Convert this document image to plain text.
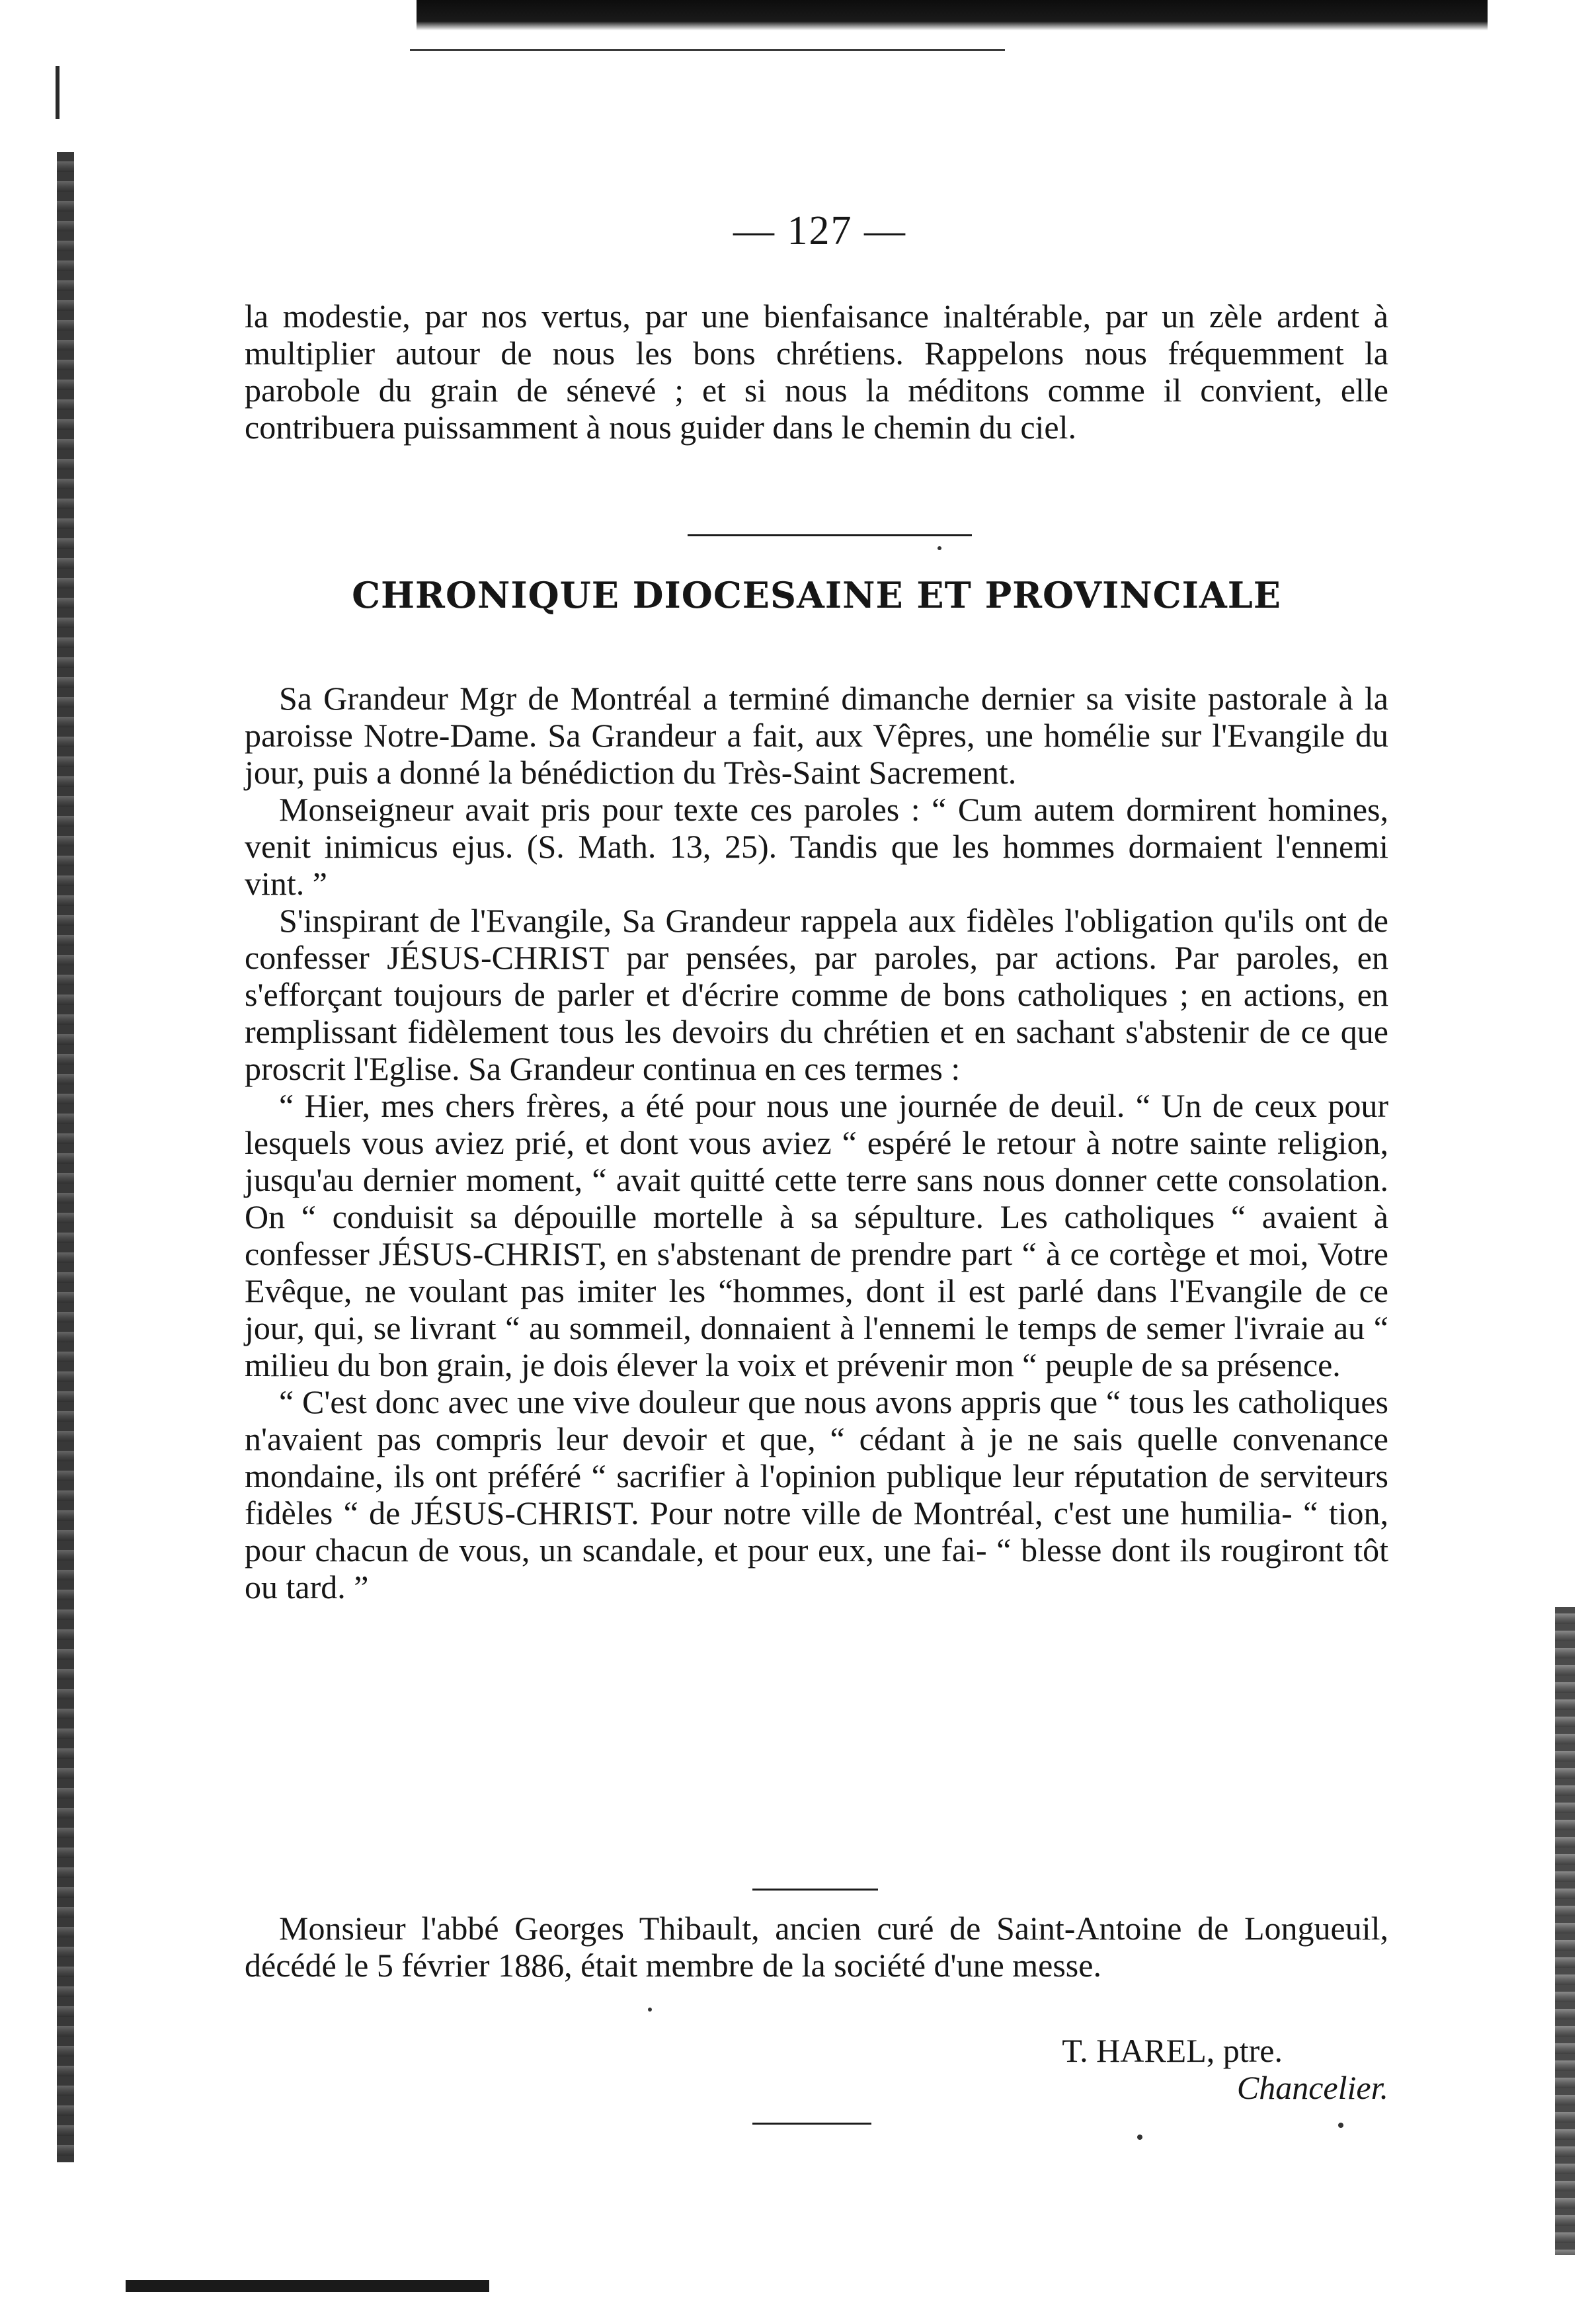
— 127 —

la modestie, par nos vertus, par une bienfaisance inaltérable, par un zèle ardent à multiplier autour de nous les bons chrétiens. Rappelons nous fréquemment la parobole du grain de sénevé ; et si nous la méditons comme il convient, elle contribuera puissamment à nous guider dans le chemin du ciel.

CHRONIQUE DIOCESAINE ET PROVINCIALE

Sa Grandeur Mgr de Montréal a terminé dimanche dernier sa visite pastorale à la paroisse Notre-Dame. Sa Grandeur a fait, aux Vêpres, une homélie sur l'Evangile du jour, puis a donné la bénédiction du Très-Saint Sacrement.

Monseigneur avait pris pour texte ces paroles : “ Cum autem dormirent homines, venit inimicus ejus. (S. Math. 13, 25). Tandis que les hommes dormaient l'ennemi vint. ”

S'inspirant de l'Evangile, Sa Grandeur rappela aux fidèles l'obligation qu'ils ont de confesser JÉSUS-CHRIST par pensées, par paroles, par actions. Par paroles, en s'efforçant toujours de parler et d'écrire comme de bons catholiques ; en actions, en remplissant fidèlement tous les devoirs du chrétien et en sachant s'abstenir de ce que proscrit l'Eglise. Sa Grandeur continua en ces termes :

“ Hier, mes chers frères, a été pour nous une journée de deuil. “ Un de ceux pour lesquels vous aviez prié, et dont vous aviez “ espéré le retour à notre sainte religion, jusqu'au dernier moment, “ avait quitté cette terre sans nous donner cette consolation. On “ conduisit sa dépouille mortelle à sa sépulture. Les catholiques “ avaient à confesser JÉSUS-CHRIST, en s'abstenant de prendre part “ à ce cortège et moi, Votre Evêque, ne voulant pas imiter les “hommes, dont il est parlé dans l'Evangile de ce jour, qui, se livrant “ au sommeil, donnaient à l'ennemi le temps de semer l'ivraie au “ milieu du bon grain, je dois élever la voix et prévenir mon “ peuple de sa présence.

“ C'est donc avec une vive douleur que nous avons appris que “ tous les catholiques n'avaient pas compris leur devoir et que, “ cédant à je ne sais quelle convenance mondaine, ils ont préféré “ sacrifier à l'opinion publique leur réputation de serviteurs fidèles “ de JÉSUS-CHRIST. Pour notre ville de Montréal, c'est une humilia- “ tion, pour chacun de vous, un scandale, et pour eux, une fai- “ blesse dont ils rougiront tôt ou tard. ”

Monsieur l'abbé Georges Thibault, ancien curé de Saint-Antoine de Longueuil, décédé le 5 février 1886, était membre de la société d'une messe.

T. HAREL, ptre.
Chancelier.
